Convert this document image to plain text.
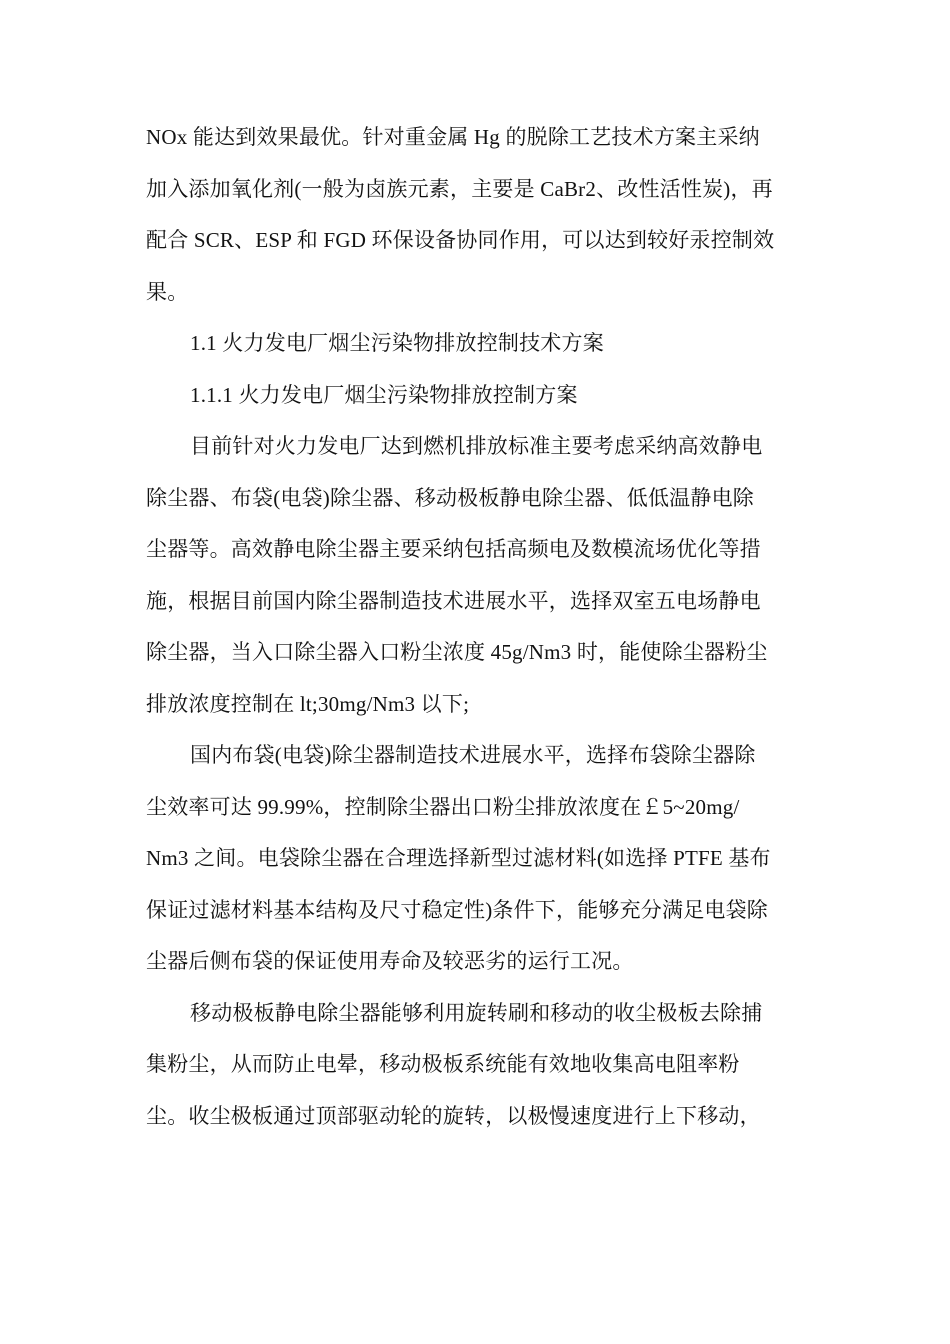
NOx 能达到效果最优。针对重金属 Hg 的脱除工艺技术方案主采纳
加入添加氧化剂(一般为卤族元素，主要是 CaBr2、改性活性炭)，再
配合 SCR、ESP 和 FGD 环保设备协同作用，可以达到较好汞控制效
果。
1.1 火力发电厂烟尘污染物排放控制技术方案
1.1.1 火力发电厂烟尘污染物排放控制方案
目前针对火力发电厂达到燃机排放标准主要考虑采纳高效静电
除尘器、布袋(电袋)除尘器、移动极板静电除尘器、低低温静电除
尘器等。高效静电除尘器主要采纳包括高频电及数模流场优化等措
施，根据目前国内除尘器制造技术进展水平，选择双室五电场静电
除尘器，当入口除尘器入口粉尘浓度 45g/Nm3 时，能使除尘器粉尘
排放浓度控制在 lt;30mg/Nm3 以下;
国内布袋(电袋)除尘器制造技术进展水平，选择布袋除尘器除
尘效率可达 99.99%，控制除尘器出口粉尘排放浓度在￡5~20mg/
Nm3 之间。电袋除尘器在合理选择新型过滤材料(如选择 PTFE 基布
保证过滤材料基本结构及尺寸稳定性)条件下，能够充分满足电袋除
尘器后侧布袋的保证使用寿命及较恶劣的运行工况。
移动极板静电除尘器能够利用旋转刷和移动的收尘极板去除捕
集粉尘，从而防止电晕，移动极板系统能有效地收集高电阻率粉
尘。收尘极板通过顶部驱动轮的旋转，以极慢速度进行上下移动，
